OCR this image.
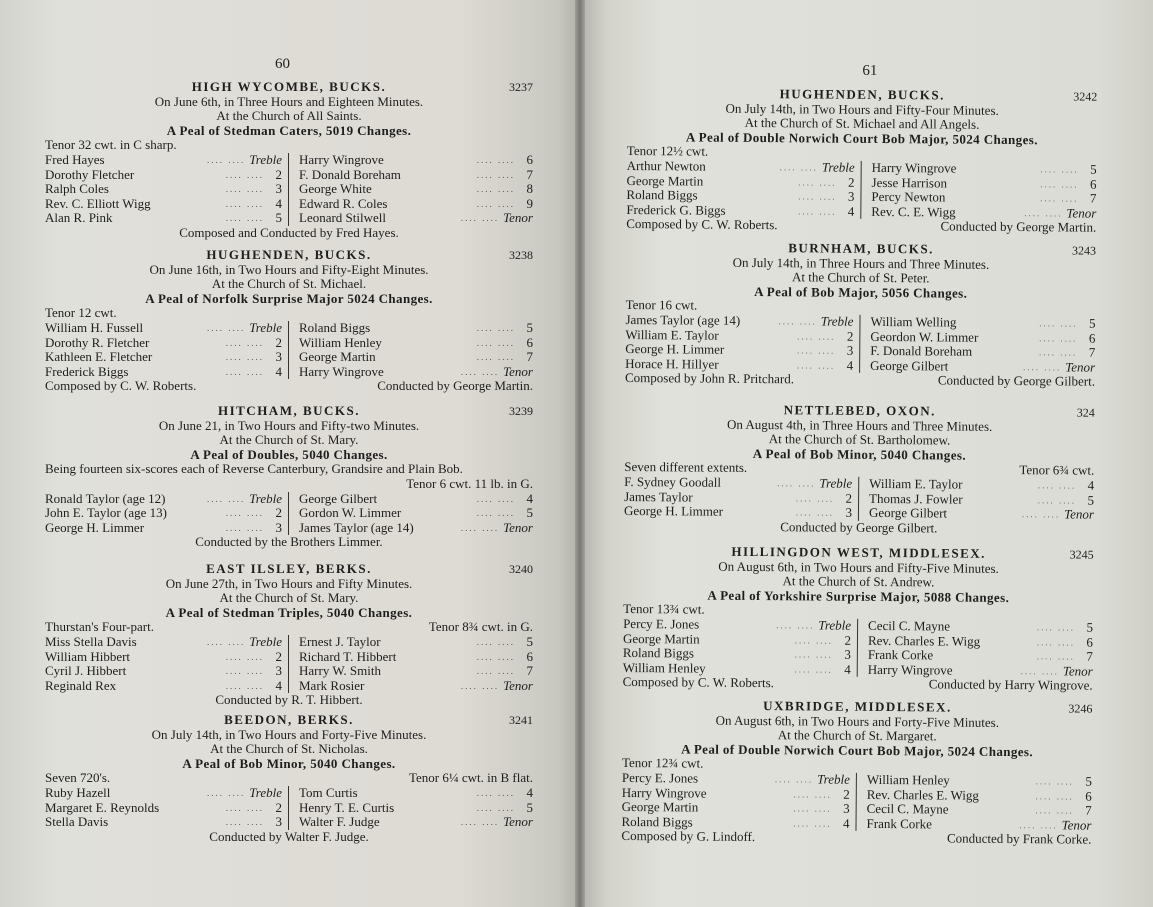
60
HIGH WYCOMBE, BUCKS.	3237
On June 6th, in Three Hours and Eighteen Minutes.
At the Church of All Saints.
A Peal of Stedman Caters, 5019 Changes.
Tenor 32 cwt. in C sharp.
Fred Hayes	.... .... Treble
Dorothy Fletcher	.... .... 2
Ralph Coles	.... .... 3
Rev. C. Elliott Wigg	.... .... 4
Alan R. Pink	.... .... 5
Harry Wingrove	.... .... 6
F. Donald Boreham	.... .... 7
George White	.... .... 8
Edward R. Coles	.... .... 9
Leonard Stilwell	.... .... Tenor
Composed and Conducted by Fred Hayes.
HUGHENDEN, BUCKS.	3238
On June 16th, in Two Hours and Fifty-Eight Minutes.
At the Church of St. Michael.
A Peal of Norfolk Surprise Major 5024 Changes.
Tenor 12 cwt.
William H. Fussell	.... .... Treble
Dorothy R. Fletcher	.... .... 2
Kathleen E. Fletcher	.... .... 3
Frederick Biggs	.... .... 4
Roland Biggs	.... .... 5
William Henley	.... .... 6
George Martin	.... .... 7
Harry Wingrove	.... .... Tenor
Composed by C. W. Roberts.	Conducted by George Martin.
HITCHAM, BUCKS.	3239
On June 21, in Two Hours and Fifty-two Minutes.
At the Church of St. Mary.
A Peal of Doubles, 5040 Changes.
Being fourteen six-scores each of Reverse Canterbury, Grandsire and Plain Bob.
Tenor 6 cwt. 11 lb. in G.
Ronald Taylor (age 12)	.... .... Treble
John E. Taylor (age 13)	.... .... 2
George H. Limmer	.... .... 3
George Gilbert	.... .... 4
Gordon W. Limmer	.... .... 5
James Taylor (age 14)	.... .... Tenor
Conducted by the Brothers Limmer.
EAST ILSLEY, BERKS.	3240
On June 27th, in Two Hours and Fifty Minutes.
At the Church of St. Mary.
A Peal of Stedman Triples, 5040 Changes.
Thurstan's Four-part.	Tenor 8¾ cwt. in G.
Miss Stella Davis	.... .... Treble
William Hibbert	.... .... 2
Cyril J. Hibbert	.... .... 3
Reginald Rex	.... .... 4
Ernest J. Taylor	.... .... 5
Richard T. Hibbert	.... .... 6
Harry W. Smith	.... .... 7
Mark Rosier	.... .... Tenor
Conducted by R. T. Hibbert.
BEEDON, BERKS.	3241
On July 14th, in Two Hours and Forty-Five Minutes.
At the Church of St. Nicholas.
A Peal of Bob Minor, 5040 Changes.
Seven 720's.	Tenor 6¼ cwt. in B flat.
Ruby Hazell	.... .... Treble
Margaret E. Reynolds	.... .... 2
Stella Davis	.... .... 3
Tom Curtis	.... .... 4
Henry T. E. Curtis	.... .... 5
Walter F. Judge	.... .... Tenor
Conducted by Walter F. Judge.
61
HUGHENDEN, BUCKS.	3242
On July 14th, in Two Hours and Fifty-Four Minutes.
At the Church of St. Michael and All Angels.
A Peal of Double Norwich Court Bob Major, 5024 Changes.
Tenor 12½ cwt.
Arthur Newton	.... .... Treble
George Martin	.... .... 2
Roland Biggs	.... .... 3
Frederick G. Biggs	.... .... 4
Harry Wingrove	.... .... 5
Jesse Harrison	.... .... 6
Percy Newton	.... .... 7
Rev. C. E. Wigg	.... .... Tenor
Composed by C. W. Roberts.	Conducted by George Martin.
BURNHAM, BUCKS.	3243
On July 14th, in Three Hours and Three Minutes.
At the Church of St. Peter.
A Peal of Bob Major, 5056 Changes.
Tenor 16 cwt.
James Taylor (age 14)	.... .... Treble
William E. Taylor	.... .... 2
George H. Limmer	.... .... 3
Horace H. Hillyer	.... .... 4
William Welling	.... .... 5
Geordon W. Limmer	.... .... 6
F. Donald Boreham	.... .... 7
George Gilbert	.... .... Tenor
Composed by John R. Pritchard.	Conducted by George Gilbert.
NETTLEBED, OXON.	324
On August 4th, in Three Hours and Three Minutes.
At the Church of St. Bartholomew.
A Peal of Bob Minor, 5040 Changes.
Seven different extents.	Tenor 6¾ cwt.
F. Sydney Goodall	.... .... Treble
James Taylor	.... .... 2
George H. Limmer	.... .... 3
William E. Taylor	.... .... 4
Thomas J. Fowler	.... .... 5
George Gilbert	.... .... Tenor
Conducted by George Gilbert.
HILLINGDON WEST, MIDDLESEX.	3245
On August 6th, in Two Hours and Fifty-Five Minutes.
At the Church of St. Andrew.
A Peal of Yorkshire Surprise Major, 5088 Changes.
Tenor 13¾ cwt.
Percy E. Jones	.... .... Treble
George Martin	.... .... 2
Roland Biggs	.... .... 3
William Henley	.... .... 4
Cecil C. Mayne	.... .... 5
Rev. Charles E. Wigg	.... .... 6
Frank Corke	.... .... 7
Harry Wingrove	.... .... Tenor
Composed by C. W. Roberts.	Conducted by Harry Wingrove.
UXBRIDGE, MIDDLESEX.	3246
On August 6th, in Two Hours and Forty-Five Minutes.
At the Church of St. Margaret.
A Peal of Double Norwich Court Bob Major, 5024 Changes.
Tenor 12¾ cwt.
Percy E. Jones	.... .... Treble
Harry Wingrove	.... .... 2
George Martin	.... .... 3
Roland Biggs	.... .... 4
William Henley	.... .... 5
Rev. Charles E. Wigg	.... .... 6
Cecil C. Mayne	.... .... 7
Frank Corke	.... .... Tenor
Composed by G. Lindoff.	Conducted by Frank Corke.
